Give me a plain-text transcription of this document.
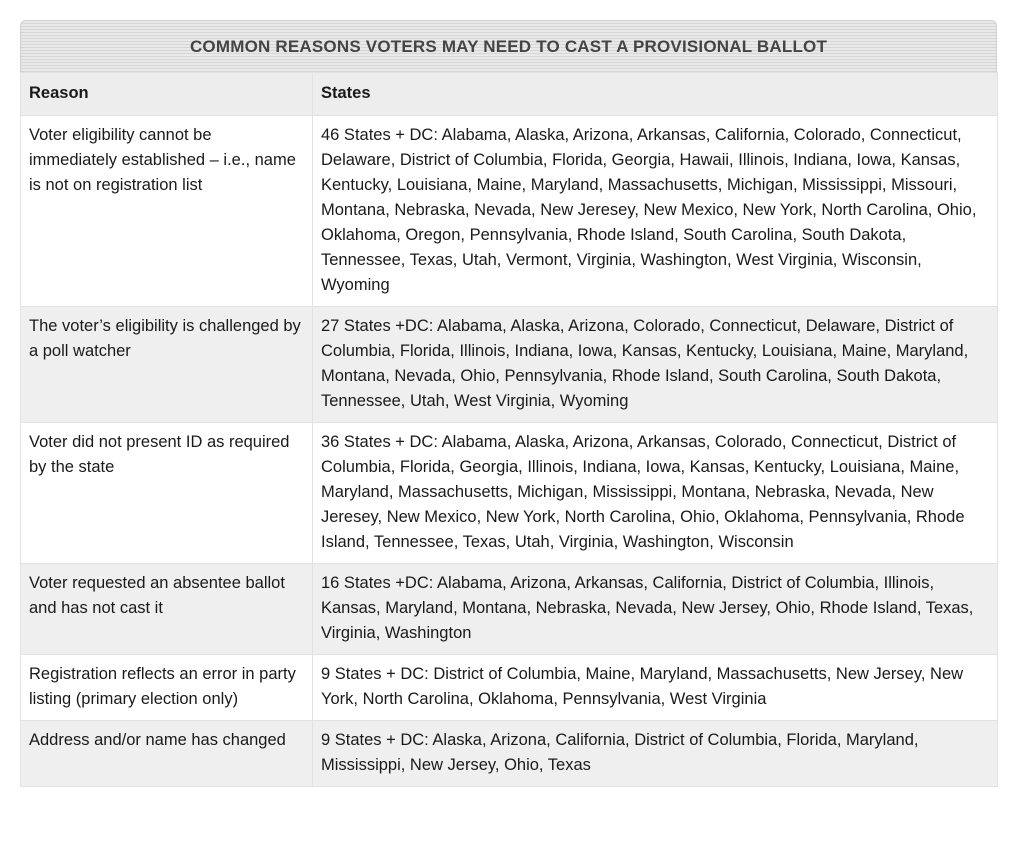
COMMON REASONS VOTERS MAY NEED TO CAST A PROVISIONAL BALLOT
Reason	States
Voter eligibility cannot be immediately established – i.e., name is not on registration list	46 States + DC: Alabama, Alaska, Arizona, Arkansas, California, Colorado, Connecticut, Delaware, District of Columbia, Florida, Georgia, Hawaii, Illinois, Indiana, Iowa, Kansas, Kentucky, Louisiana, Maine, Maryland, Massachusetts, Michigan, Mississippi, Missouri, Montana, Nebraska, Nevada, New Jeresey, New Mexico, New York, North Carolina, Ohio, Oklahoma, Oregon, Pennsylvania, Rhode Island, South Carolina, South Dakota, Tennessee, Texas, Utah, Vermont, Virginia, Washington, West Virginia, Wisconsin, Wyoming
The voter’s eligibility is challenged by a poll watcher	27 States +DC: Alabama, Alaska, Arizona, Colorado, Connecticut, Delaware, District of Columbia, Florida, Illinois, Indiana, Iowa, Kansas, Kentucky, Louisiana, Maine, Maryland, Montana, Nevada, Ohio, Pennsylvania, Rhode Island, South Carolina, South Dakota, Tennessee, Utah, West Virginia, Wyoming
Voter did not present ID as required by the state	36 States + DC: Alabama, Alaska, Arizona, Arkansas, Colorado, Connecticut, District of Columbia, Florida, Georgia, Illinois, Indiana, Iowa, Kansas, Kentucky, Louisiana, Maine, Maryland, Massachusetts, Michigan, Mississippi, Montana, Nebraska, Nevada, New Jeresey, New Mexico, New York, North Carolina, Ohio, Oklahoma, Pennsylvania, Rhode Island, Tennessee, Texas, Utah, Virginia, Washington, Wisconsin
Voter requested an absentee ballot and has not cast it	16 States +DC: Alabama, Arizona, Arkansas, California, District of Columbia, Illinois, Kansas, Maryland, Montana, Nebraska, Nevada, New Jersey, Ohio, Rhode Island, Texas, Virginia, Washington
Registration reflects an error in party listing (primary election only)	9 States + DC: District of Columbia, Maine, Maryland, Massachusetts, New Jersey, New York, North Carolina, Oklahoma, Pennsylvania, West Virginia
Address and/or name has changed	9 States + DC: Alaska, Arizona, California, District of Columbia, Florida, Maryland, Mississippi, New Jersey, Ohio, Texas
